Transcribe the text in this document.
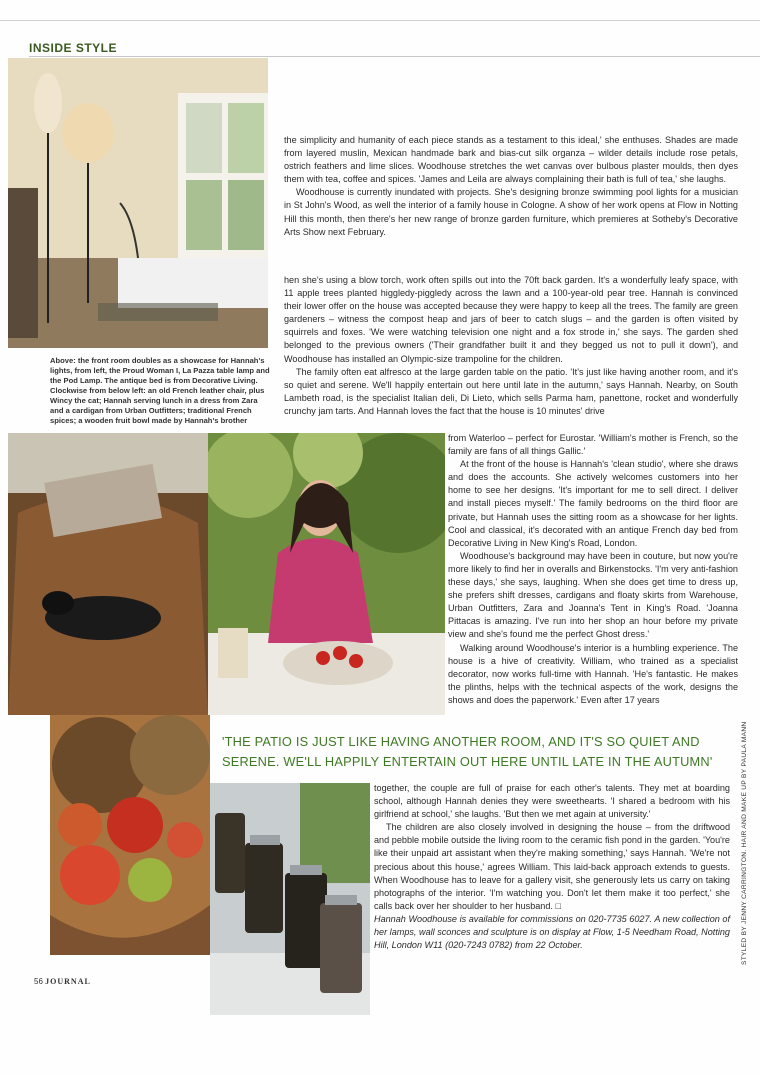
INSIDE STYLE
Above: the front room doubles as a showcase for Hannah's lights, from left, the Proud Woman I, La Pazza table lamp and the Pod Lamp. The antique bed is from Decorative Living. Clockwise from below left: an old French leather chair, plus Wincy the cat; Hannah serving lunch in a dress from Zara and a cardigan from Urban Outfitters; traditional French spices; a wooden fruit bowl made by Hannah's brother

the simplicity and humanity of each piece stands as a testament to this ideal,' she enthuses. Shades are made from layered muslin, Mexican handmade bark and bias-cut silk organza – wilder details include rose petals, ostrich feathers and lime slices. Woodhouse stretches the wet canvas over bulbous plaster moulds, then dyes them with tea, coffee and spices. 'James and Leila are always complaining their bath is full of tea,' she laughs.

Woodhouse is currently inundated with projects. She's designing bronze swimming pool lights for a musician in St John's Wood, as well the interior of a family house in Cologne. A show of her work opens at Flow in Notting Hill this month, then there's her new range of bronze garden furniture, which premieres at Sotheby's Decorative Arts Show next February.

hen she's using a blow torch, work often spills out into the 70ft back garden. It's a wonderfully leafy space, with 11 apple trees planted higgledy-piggledy across the lawn and a 100-year-old pear tree. Hannah is convinced their lower offer on the house was accepted because they were happy to keep all the trees. The family are green gardeners – witness the compost heap and jars of beer to catch slugs – and the garden is often visited by squirrels and foxes. 'We were watching television one night and a fox strode in,' she says. The garden shed belonged to the previous owners ('Their grandfather built it and they begged us not to pull it down'), and Woodhouse has installed an Olympic-size trampoline for the children.

The family often eat alfresco at the large garden table on the patio. 'It's just like having another room, and it's so quiet and serene. We'll happily entertain out here until late in the autumn,' says Hannah. Nearby, on South Lambeth road, is the specialist Italian deli, Di Lieto, which sells Parma ham, panettone, rocket and wonderfully crunchy jam tarts. And Hannah loves the fact that the house is 10 minutes' drive

from Waterloo – perfect for Eurostar. 'William's mother is French, so the family are fans of all things Gallic.'

At the front of the house is Hannah's 'clean studio', where she draws and does the accounts. She actively welcomes customers into her home to see her designs. 'It's important for me to sell direct. I deliver and install pieces myself.' The family bedrooms on the third floor are private, but Hannah uses the sitting room as a showcase for her lights. Cool and classical, it's decorated with an antique French day bed from Decorative Living in New King's Road, London.

Woodhouse's background may have been in couture, but now you're more likely to find her in overalls and Birkenstocks. 'I'm very anti-fashion these days,' she says, laughing. When she does get time to dress up, she prefers shift dresses, cardigans and floaty skirts from Warehouse, Urban Outfitters, Zara and Joanna's Tent in King's Road. 'Joanna Pittacas is amazing. I've run into her shop an hour before my private view and she's found me the perfect Ghost dress.'

Walking around Woodhouse's interior is a humbling experience. The house is a hive of creativity. William, who trained as a specialist decorator, now works full-time with Hannah. 'He's fantastic. He makes the plinths, helps with the technical aspects of the work, designs the shows and does the paperwork.' Even after 17 years

'THE PATIO IS JUST LIKE HAVING ANOTHER ROOM, AND IT'S SO QUIET AND SERENE. WE'LL HAPPILY ENTERTAIN OUT HERE UNTIL LATE IN THE AUTUMN'

together, the couple are full of praise for each other's talents. They met at boarding school, although Hannah denies they were sweethearts. 'I shared a bedroom with his girlfriend at school,' she laughs. 'But then we met again at university.'

The children are also closely involved in designing the house – from the driftwood and pebble mobile outside the living room to the ceramic fish pond in the garden. 'You're like their unpaid art assistant when they're making something,' says Hannah. 'We're not precious about this house,' agrees William. This laid-back approach extends to guests. When Woodhouse has to leave for a gallery visit, she generously lets us carry on taking photographs of the interior. 'I'm watching you. Don't let them make it too perfect,' she calls back over her shoulder to her husband. □

Hannah Woodhouse is available for commissions on 020-7735 6027. A new collection of her lamps, wall sconces and sculpture is on display at Flow, 1-5 Needham Road, Notting Hill, London W11 (020-7243 0782) from 22 October.	STYLED BY JENNY CARRINGTON. HAIR AND MAKE UP BY PAULA MANN
56 JOURNAL
